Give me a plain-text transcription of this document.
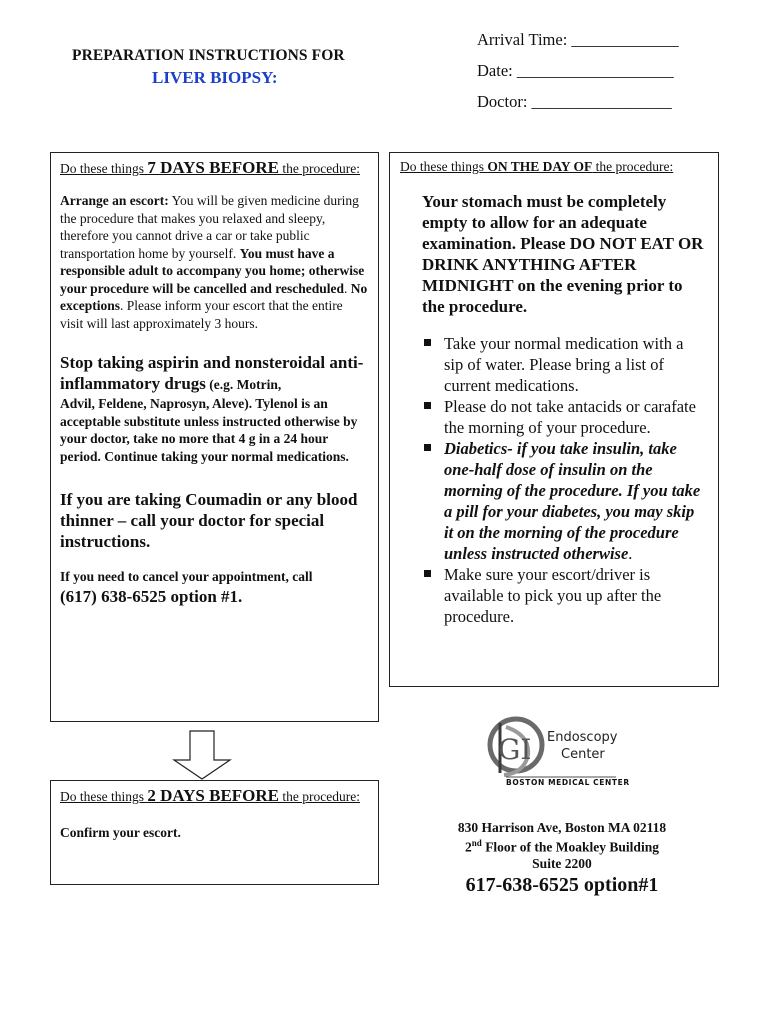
PREPARATION INSTRUCTIONS FOR
LIVER BIOPSY:
Arrival Time: _____________
Date: ___________________
Doctor: _________________
Do these things 7 DAYS BEFORE the procedure:
Arrange an escort: You will be given medicine during the procedure that makes you relaxed and sleepy, therefore you cannot drive a car or take public transportation home by yourself. You must have a responsible adult to accompany you home; otherwise your procedure will be cancelled and rescheduled. No exceptions. Please inform your escort that the entire visit will last approximately 3 hours.
Stop taking aspirin and nonsteroidal anti-inflammatory drugs (e.g. Motrin,
Advil, Feldene, Naprosyn, Aleve). Tylenol is an acceptable substitute unless instructed otherwise by your doctor, take no more that 4 g in a 24 hour period. Continue taking your normal medications.
If you are taking Coumadin or any blood thinner – call your doctor for special instructions.
If you need to cancel your appointment, call
(617) 638-6525 option #1.
Do these things ON THE DAY OF the procedure:
Your stomach must be completely empty to allow for an adequate examination. Please DO NOT EAT OR DRINK ANYTHING AFTER MIDNIGHT on the evening prior to the procedure.
Take your normal medication with a sip of water. Please bring a list of current medications.
Please do not take antacids or carafate the morning of your procedure.
Diabetics- if you take insulin, take one-half dose of insulin on the morning of the procedure. If you take a pill for your diabetes, you may skip it on the morning of the procedure unless instructed otherwise.
Make sure your escort/driver is available to pick you up after the procedure.
Do these things 2 DAYS BEFORE the procedure:
Confirm your escort.
GI Endoscopy
Center
BOSTON MEDICAL CENTER
830 Harrison Ave, Boston MA 02118
2nd Floor of the Moakley Building
Suite 2200
617-638-6525 option#1
